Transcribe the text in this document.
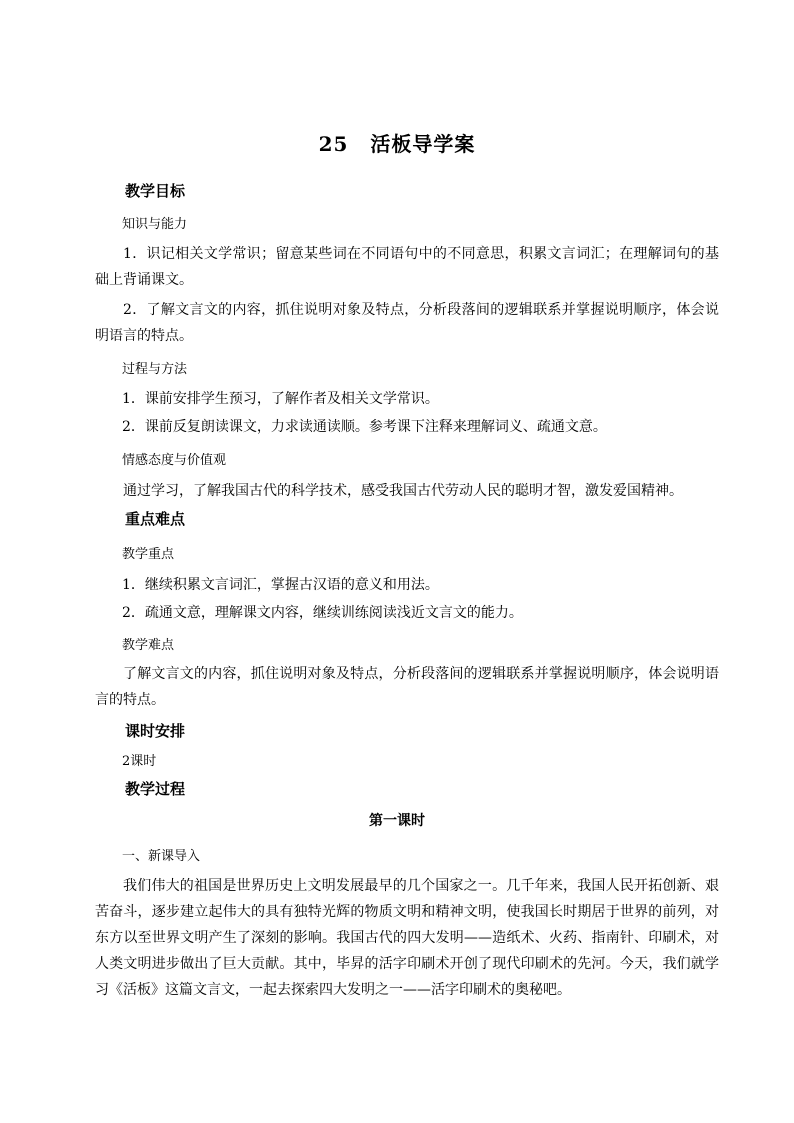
25 活板导学案
教学目标
知识与能力
1．识记相关文学常识；留意某些词在不同语句中的不同意思，积累文言词汇；在理解词句的基础上背诵课文。
2．了解文言文的内容，抓住说明对象及特点，分析段落间的逻辑联系并掌握说明顺序，体会说明语言的特点。
过程与方法
1．课前安排学生预习，了解作者及相关文学常识。
2．课前反复朗读课文，力求读通读顺。参考课下注释来理解词义、疏通文意。
情感态度与价值观
通过学习，了解我国古代的科学技术，感受我国古代劳动人民的聪明才智，激发爱国精神。
重点难点
教学重点
1．继续积累文言词汇，掌握古汉语的意义和用法。
2．疏通文意，理解课文内容，继续训练阅读浅近文言文的能力。
教学难点
了解文言文的内容，抓住说明对象及特点，分析段落间的逻辑联系并掌握说明顺序，体会说明语言的特点。
课时安排
2课时
教学过程
第一课时
一、新课导入
我们伟大的祖国是世界历史上文明发展最早的几个国家之一。几千年来，我国人民开拓创新、艰苦奋斗，逐步建立起伟大的具有独特光辉的物质文明和精神文明，使我国长时期居于世界的前列，对东方以至世界文明产生了深刻的影响。我国古代的四大发明——造纸术、火药、指南针、印刷术，对人类文明进步做出了巨大贡献。其中，毕昇的活字印刷术开创了现代印刷术的先河。今天，我们就学习《活板》这篇文言文，一起去探索四大发明之一——活字印刷术的奥秘吧。
